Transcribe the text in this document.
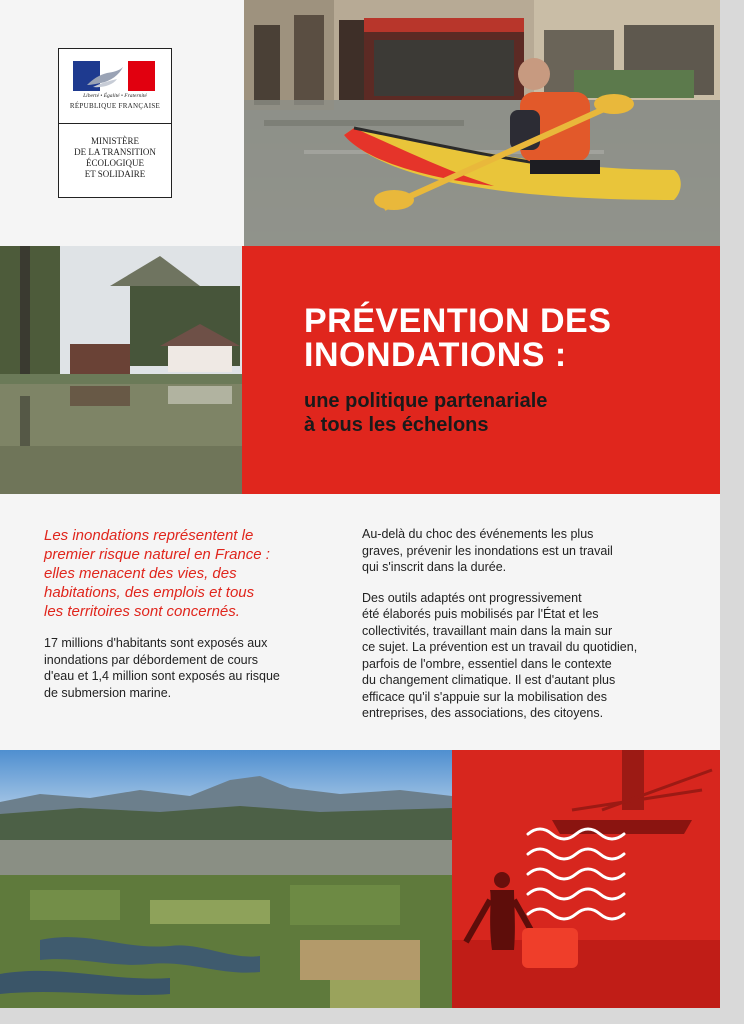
Liberté • Égalité • Fraternité
RÉPUBLIQUE FRANÇAISE
MINISTÈRE
DE LA TRANSITION
ÉCOLOGIQUE
ET SOLIDAIRE
PRÉVENTION DES
INONDATIONS :
une politique partenariale
à tous les échelons
Les inondations représentent le
premier risque naturel en France :
elles menacent des vies, des
habitations, des emplois et tous
les territoires sont concernés.
17 millions d'habitants sont exposés aux
inondations par débordement de cours
d'eau et 1,4 million sont exposés au risque
de submersion marine.
Au-delà du choc des événements les plus
graves, prévenir les inondations est un travail
qui s'inscrit dans la durée.
Des outils adaptés ont progressivement
été élaborés puis mobilisés par l'État et les
collectivités, travaillant main dans la main sur
ce sujet. La prévention est un travail du quotidien,
parfois de l'ombre, essentiel dans le contexte
du changement climatique. Il est d'autant plus
efficace qu'il s'appuie sur la mobilisation des
entreprises, des associations, des citoyens.
